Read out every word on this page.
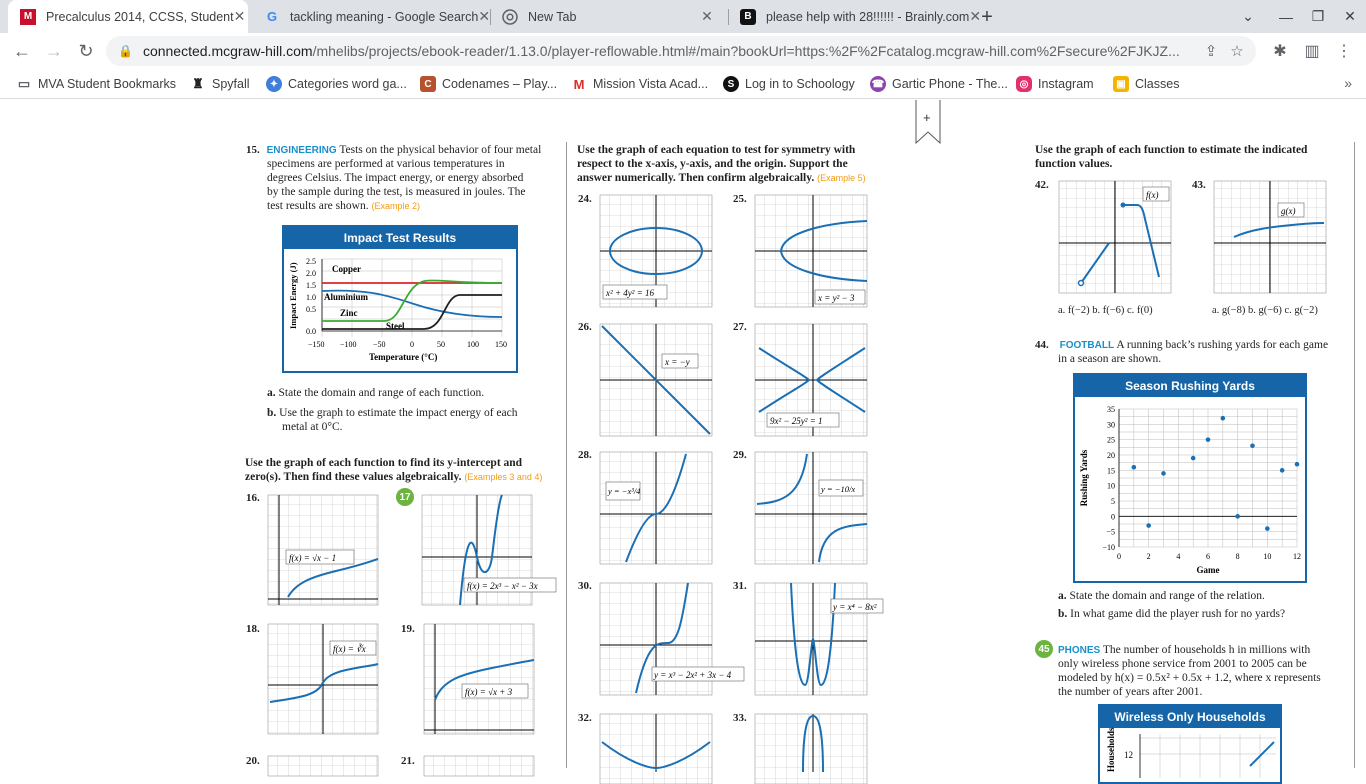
M	Precalculus 2014, CCSS, Student ✕ G tackling meaning - Google Search ✕	New Tab	✕	B	please help with 28!!!!!! - Brainly.com ✕ +	⌄	—	❐	✕
← → ↻	🔒 connected.mcgraw-hill.com/mhelibs/projects/ebook-reader/1.13.0/player-reflowable.html#/main?bookUrl=https:%2F%2Fcatalog.mcgraw-hill.com%2Fsecure%2FJKJZ...	⇪ ☆	✱	▥ ⋮
▭ MVA Student Bookmarks ♜ Spyfall	✦ Categories word ga...	C Codenames – Play... M Mission Vista Acad...	S Log in to Schoology ☎ Gartic Phone - The...	◎ Instagram	▣ Classes	»
+
15. ENGINEERING Tests on the physical behavior of four metal
specimens are performed at various temperatures in
degrees Celsius. The impact energy, or energy absorbed
by the sample during the test, is measured in joules. The
test results are shown. (Example 2)
Impact Test Results
2.5
2.0
1.5
1.0
0.5
0.0
−150 −100 −50	0	50	100 150
Temperature (°C)
Impact Energy (J)	Copper
Aluminium
Zinc
Steel
a. State the domain and range of each function.
b. Use the graph to estimate the impact energy of each
metal at 0°C.
Use the graph of each function to find its y-intercept and
zero(s). Then find these values algebraically. (Examples 3 and 4)
16.
f(x) = √x − 1
17
f(x) = 2x³ − x² − 3x
18.
f(x) = ∛x
19.
f(x) = √x + 3
20.	21.
Use the graph of each equation to test for symmetry with
respect to the x-axis, y-axis, and the origin. Support the
answer numerically. Then confirm algebraically. (Example 5)
24.
x² + 4y² = 16
25.
x = y² − 3
26.
x = −y
27.
9x² − 25y² = 1
28.
y = −x³/4
29.
y = −10/x
30.
y = x³ − 2x² + 3x − 4
31.
y = x⁴ − 8x²
32.	33.
Use the graph of each function to estimate the indicated
function values.
42.
f(x)
a. f(−2) b. f(−6) c. f(0)
43.
g(x)
a. g(−8) b. g(−6) c. g(−2)
44. FOOTBALL A running back’s rushing yards for each game
in a season are shown.
Season Rushing Yards
−10
−5
0
5
10
15
20
25
30
35
0	2	4	6	8	10	12
Game
Rushing Yards
a. State the domain and range of the relation.
b. In what game did the player rush for no yards?
45 PHONES The number of households h in millions with
only wireless phone service from 2001 to 2005 can be
modeled by h(x) = 0.5x² + 0.5x + 1.2, where x represents
the number of years after 2001.
Wireless Only Households
Households 12
